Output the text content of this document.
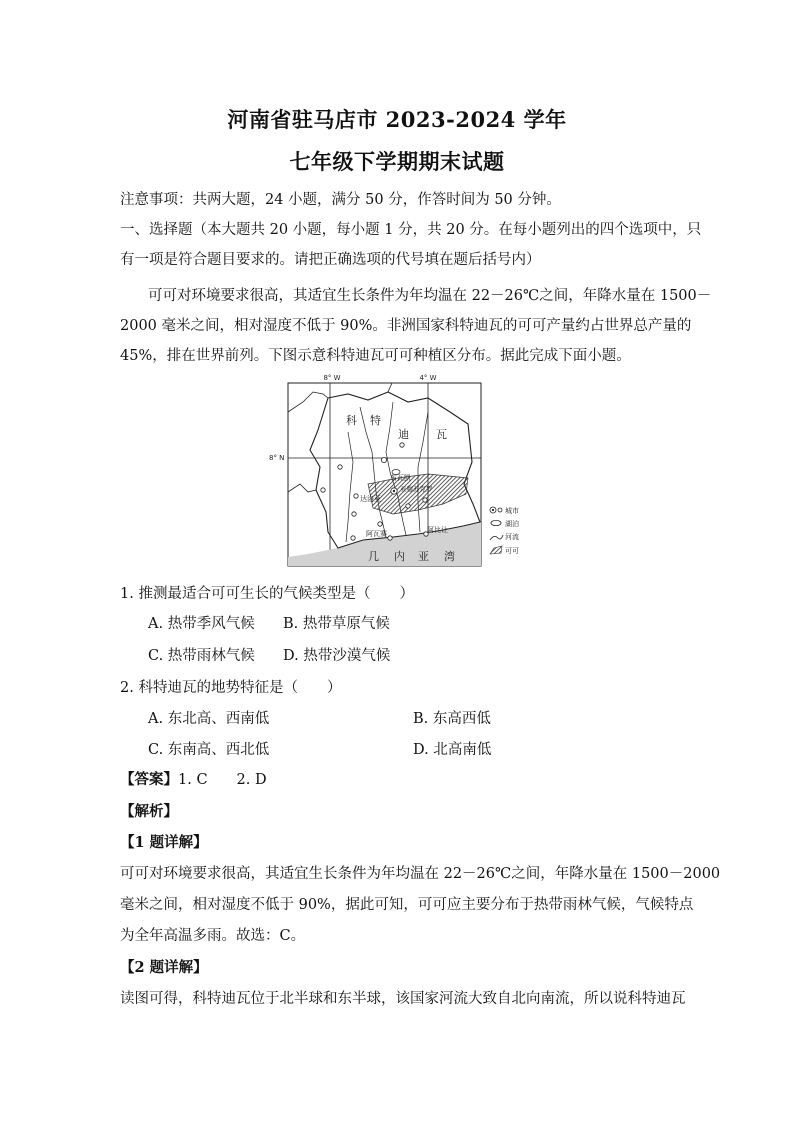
河南省驻马店市 2023-2024 学年
七年级下学期期末试题
注意事项：共两大题，24 小题，满分 50 分，作答时间为 50 分钟。
一、选择题（本大题共 20 小题，每小题 1 分，共 20 分。在每小题列出的四个选项中，只
有一项是符合题目要求的。请把正确选项的代号填在题后括号内）
可可对环境要求很高，其适宜生长条件为年均温在 22－26℃之间，年降水量在 1500－
2000 毫米之间，相对湿度不低于 90%。非洲国家科特迪瓦的可可产量约占世界总产量的
45%，排在世界前列。下图示意科特迪瓦可可种植区分布。据此完成下面小题。
8° W	4° W
8° N
科 特
迪 瓦
布瓦凯
亚穆苏克罗
达洛亚
阿比让
阿瓦赛
几 内 亚 湾
城市
湖泊
河流
可可
1. 推测最适合可可生长的气候类型是（　　）
A. 热带季风气候 B. 热带草原气候
C. 热带雨林气候 D. 热带沙漠气候
2. 科特迪瓦的地势特征是（　　）
A. 东北高、西南低	B. 东高西低
C. 东南高、西北低	D. 北高南低
【答案】1. C　　2. D
【解析】
【1 题详解】
可可对环境要求很高，其适宜生长条件为年均温在 22－26℃之间，年降水量在 1500－2000
毫米之间，相对湿度不低于 90%，据此可知，可可应主要分布于热带雨林气候，气候特点
为全年高温多雨。故选：C。
【2 题详解】
读图可得，科特迪瓦位于北半球和东半球，该国家河流大致自北向南流，所以说科特迪瓦
